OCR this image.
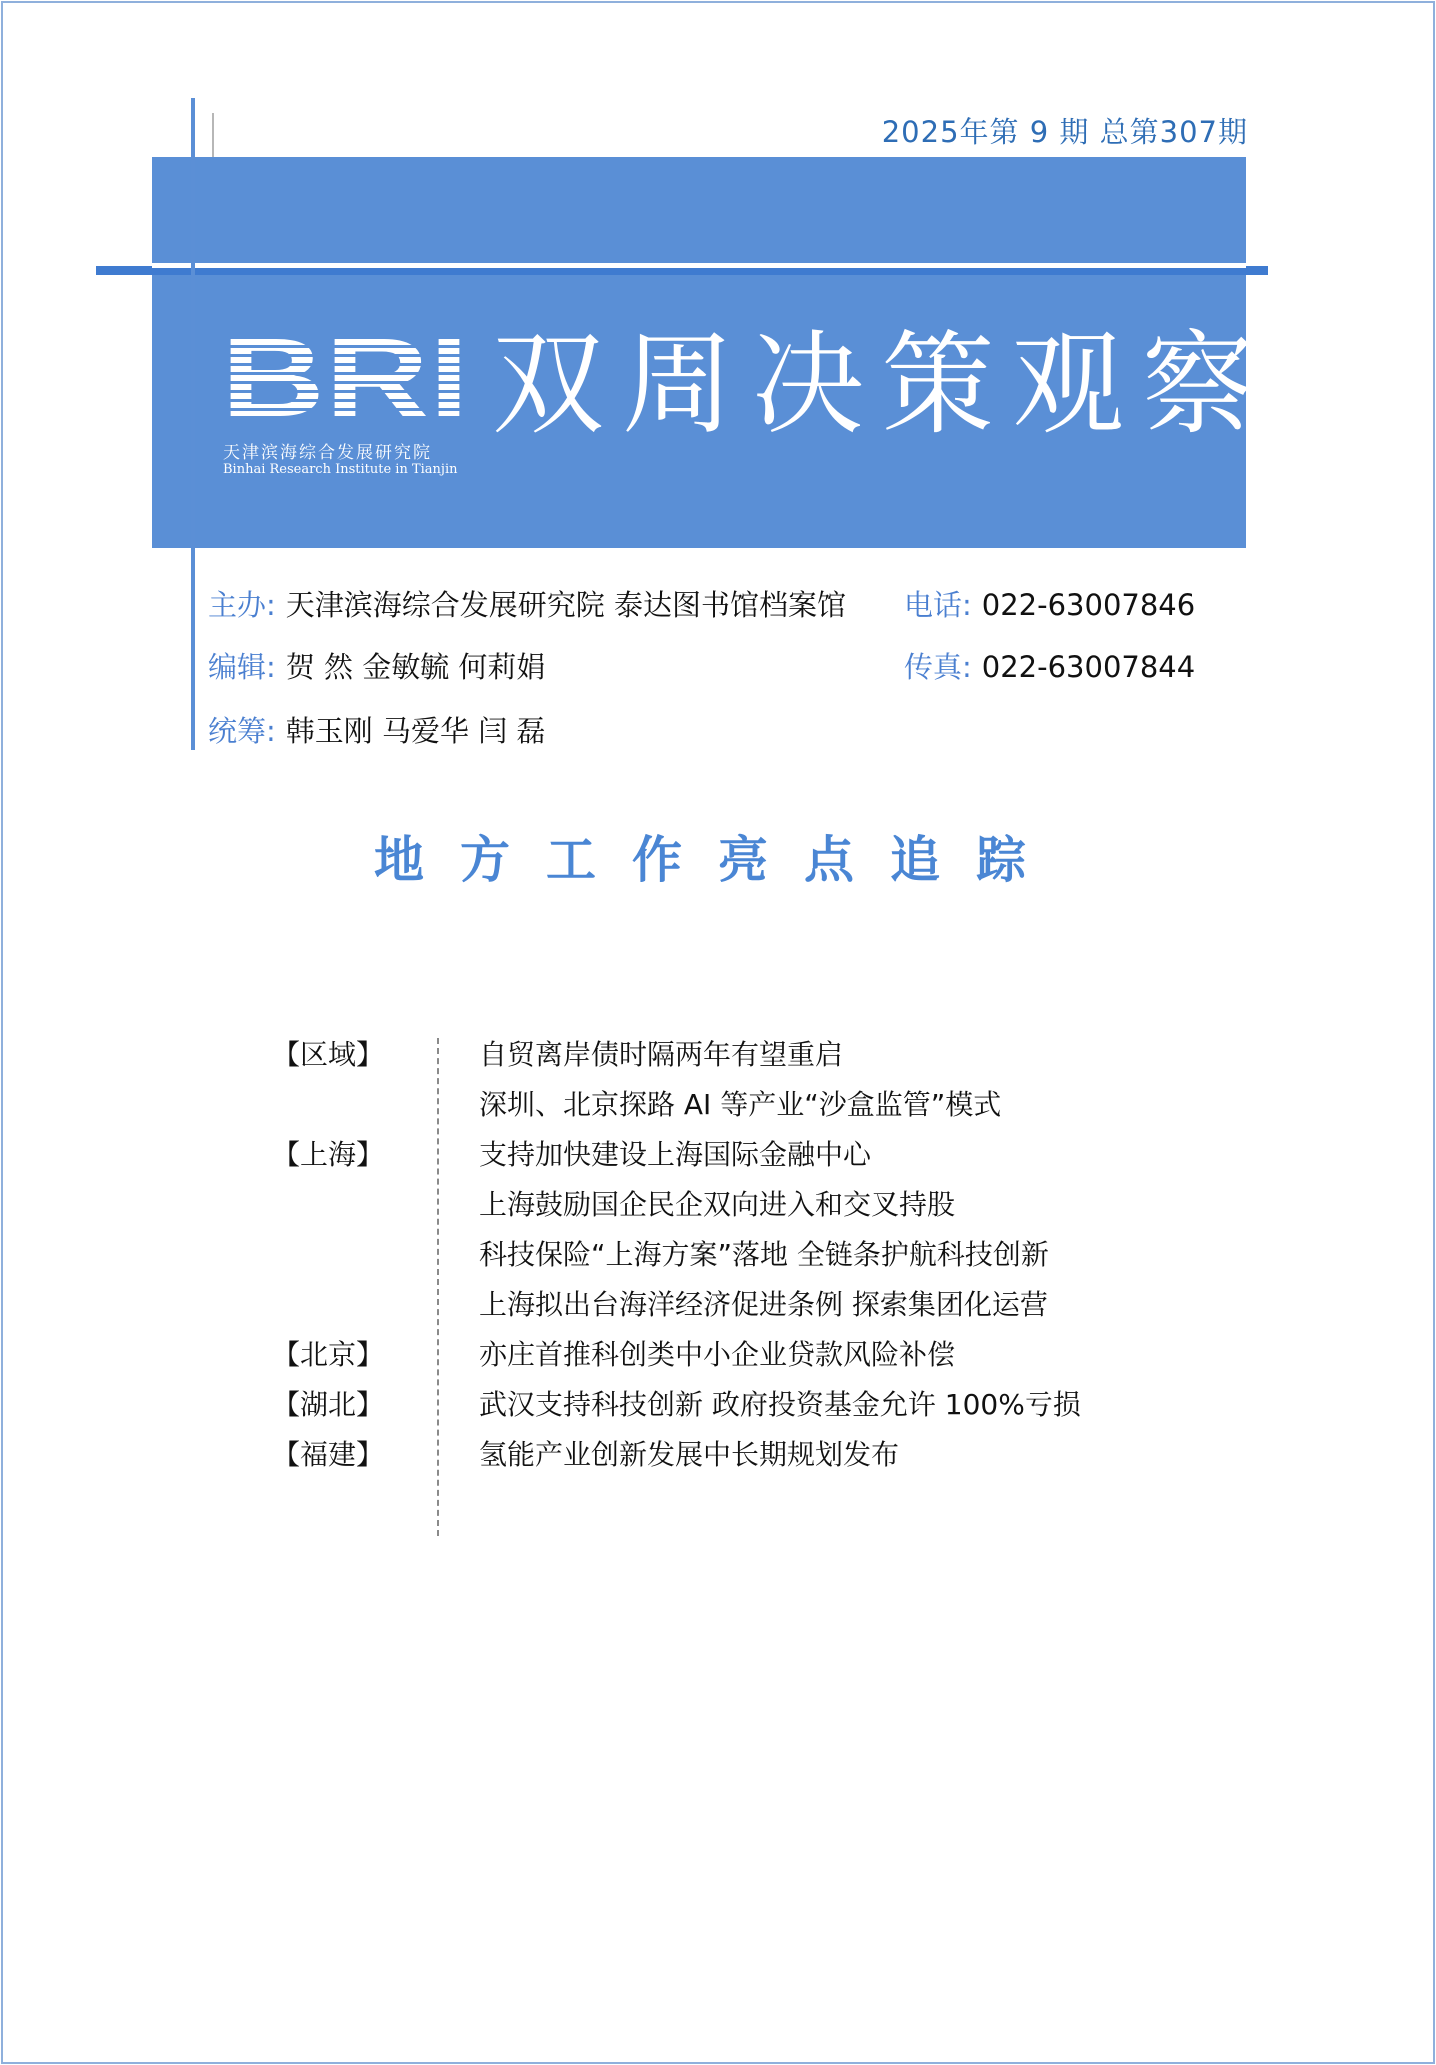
2025年第 9 期 总第307期
BRI
天津滨海综合发展研究院
Binhai Research Institute in Tianjin
双周决策观察
主办: 天津滨海综合发展研究院 泰达图书馆档案馆 电话: 022-63007846
编辑: 贺 然 金敏毓 何莉娟	传真: 022-63007844
统筹: 韩玉刚 马爱华 闫 磊
地方工作亮点追踪
【区域】	自贸离岸债时隔两年有望重启
深圳、北京探路 AI 等产业“沙盒监管”模式
【上海】	支持加快建设上海国际金融中心
上海鼓励国企民企双向进入和交叉持股
科技保险“上海方案”落地 全链条护航科技创新
上海拟出台海洋经济促进条例 探索集团化运营
【北京】	亦庄首推科创类中小企业贷款风险补偿
【湖北】	武汉支持科技创新 政府投资基金允许 100%亏损
【福建】	氢能产业创新发展中长期规划发布
